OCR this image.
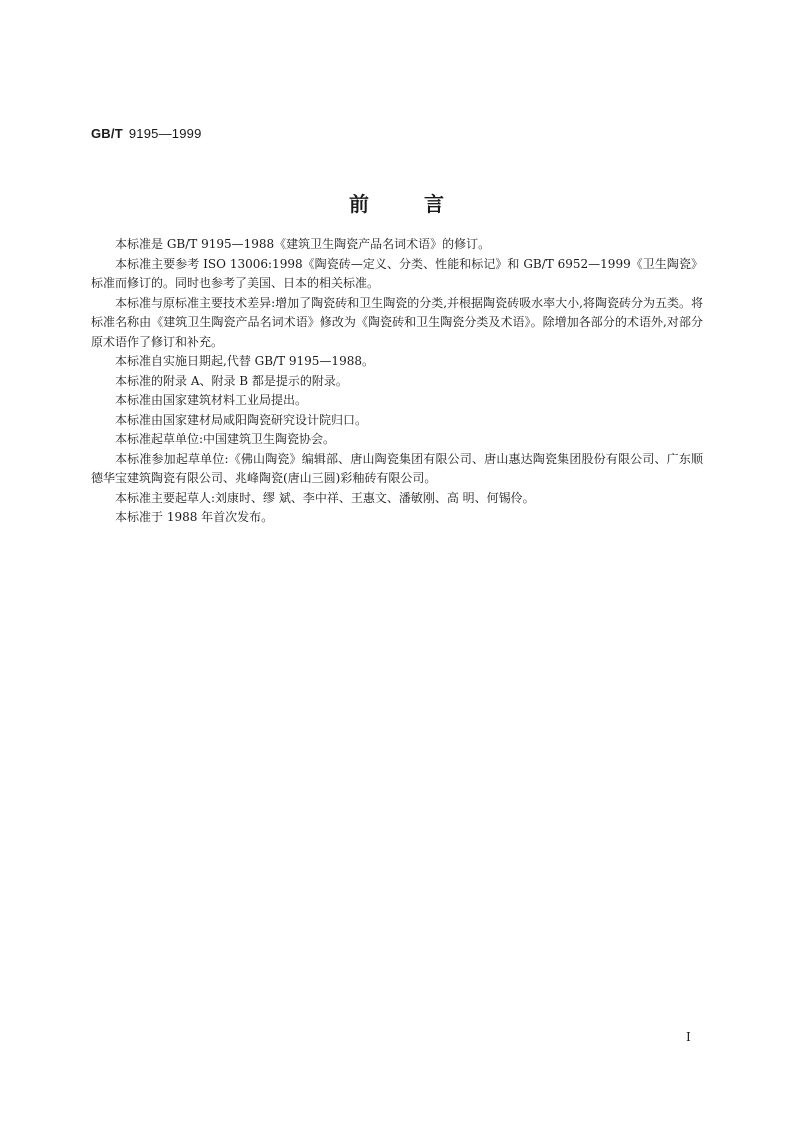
GB/T 9195—1999
前	言

本标准是 GB/T 9195—1988《建筑卫生陶瓷产品名词术语》的修订。

本标准主要参考 ISO 13006:1998《陶瓷砖—定义、分类、性能和标记》和 GB/T 6952—1999《卫生陶瓷》标准而修订的。同时也参考了美国、日本的相关标准。

本标准与原标准主要技术差异:增加了陶瓷砖和卫生陶瓷的分类,并根据陶瓷砖吸水率大小,将陶瓷砖分为五类。将标准名称由《建筑卫生陶瓷产品名词术语》修改为《陶瓷砖和卫生陶瓷分类及术语》。除增加各部分的术语外,对部分原术语作了修订和补充。

本标准自实施日期起,代替 GB/T 9195—1988。

本标准的附录 A、附录 B 都是提示的附录。

本标准由国家建筑材料工业局提出。

本标准由国家建材局咸阳陶瓷研究设计院归口。

本标准起草单位:中国建筑卫生陶瓷协会。

本标准参加起草单位:《佛山陶瓷》编辑部、唐山陶瓷集团有限公司、唐山惠达陶瓷集团股份有限公司、广东顺德华宝建筑陶瓷有限公司、兆峰陶瓷(唐山三圆)彩釉砖有限公司。

本标准主要起草人:刘康时、缪 斌、李中祥、王惠文、潘敏刚、高 明、何锡伶。

本标准于 1988 年首次发布。

I
